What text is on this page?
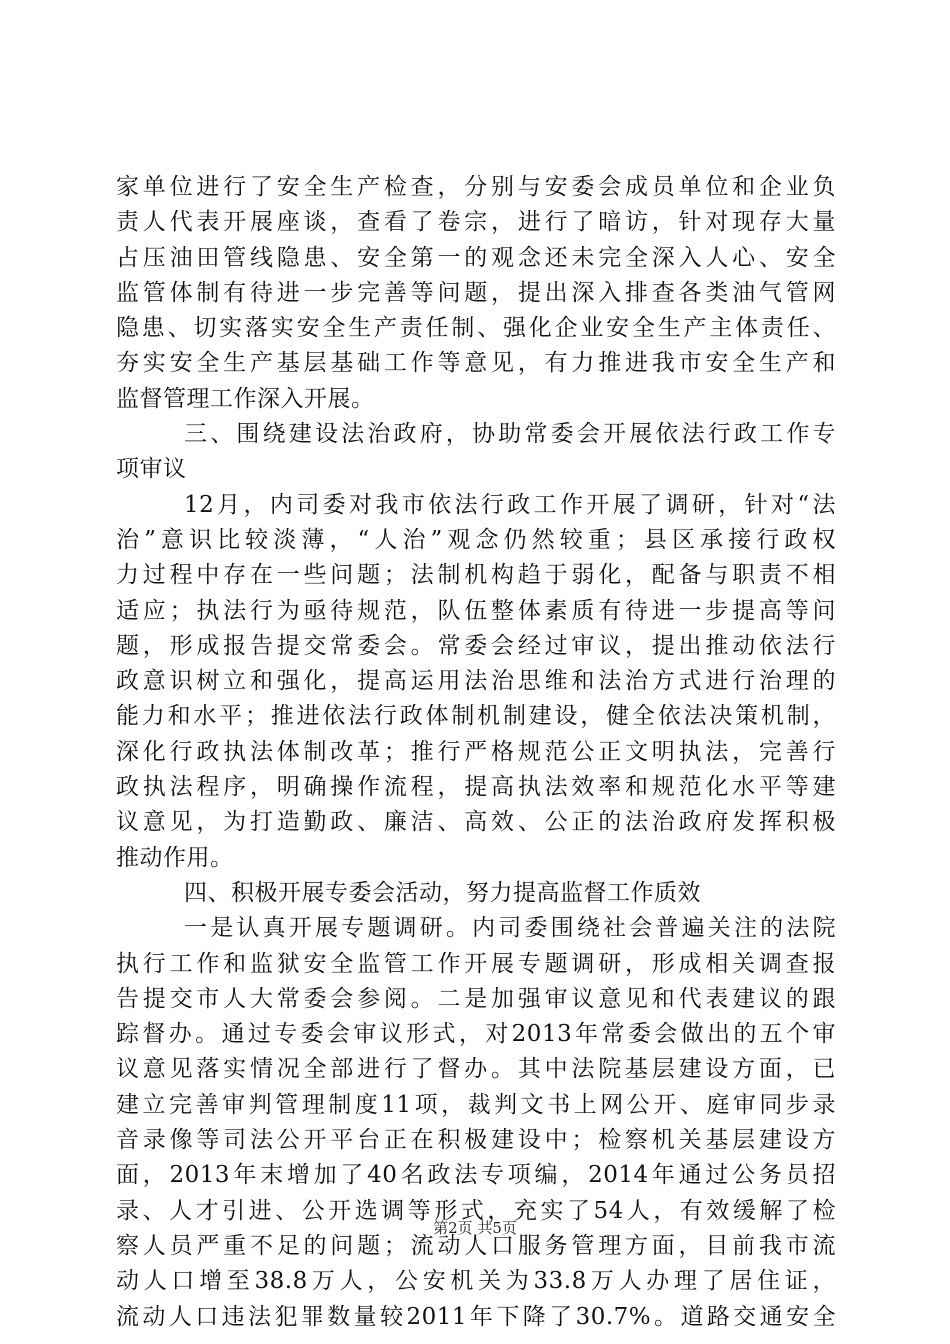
家单位进行了安全生产检查，分别与安委会成员单位和企业负
责人代表开展座谈，查看了卷宗，进行了暗访，针对现存大量
占压油田管线隐患、安全第一的观念还未完全深入人心、安全
监管体制有待进一步完善等问题，提出深入排查各类油气管网
隐患、切实落实安全生产责任制、强化企业安全生产主体责任、
夯实安全生产基层基础工作等意见，有力推进我市安全生产和
监督管理工作深入开展。
三、围绕建设法治政府，协助常委会开展依法行政工作专
项审议
12月，内司委对我市依法行政工作开展了调研，针对“法
治”意识比较淡薄，“人治”观念仍然较重；县区承接行政权
力过程中存在一些问题；法制机构趋于弱化，配备与职责不相
适应；执法行为亟待规范，队伍整体素质有待进一步提高等问
题，形成报告提交常委会。常委会经过审议，提出推动依法行
政意识树立和强化，提高运用法治思维和法治方式进行治理的
能力和水平；推进依法行政体制机制建设，健全依法决策机制，
深化行政执法体制改革；推行严格规范公正文明执法，完善行
政执法程序，明确操作流程，提高执法效率和规范化水平等建
议意见，为打造勤政、廉洁、高效、公正的法治政府发挥积极
推动作用。
四、积极开展专委会活动，努力提高监督工作质效
一是认真开展专题调研。内司委围绕社会普遍关注的法院
执行工作和监狱安全监管工作开展专题调研，形成相关调查报
告提交市人大常委会参阅。二是加强审议意见和代表建议的跟
踪督办。通过专委会审议形式，对2013年常委会做出的五个审
议意见落实情况全部进行了督办。其中法院基层建设方面，已
建立完善审判管理制度11项，裁判文书上网公开、庭审同步录
音录像等司法公开平台正在积极建设中；检察机关基层建设方
面，2013年末增加了40名政法专项编，2014年通过公务员招
录、人才引进、公开选调等形式，充实了54人，有效缓解了检
察人员严重不足的问题；流动人口服务管理方面，目前我市流
动人口增至38.8万人，公安机关为33.8万人办理了居住证，
流动人口违法犯罪数量较2011年下降了30.7%。道路交通安全
第2页 共5页
